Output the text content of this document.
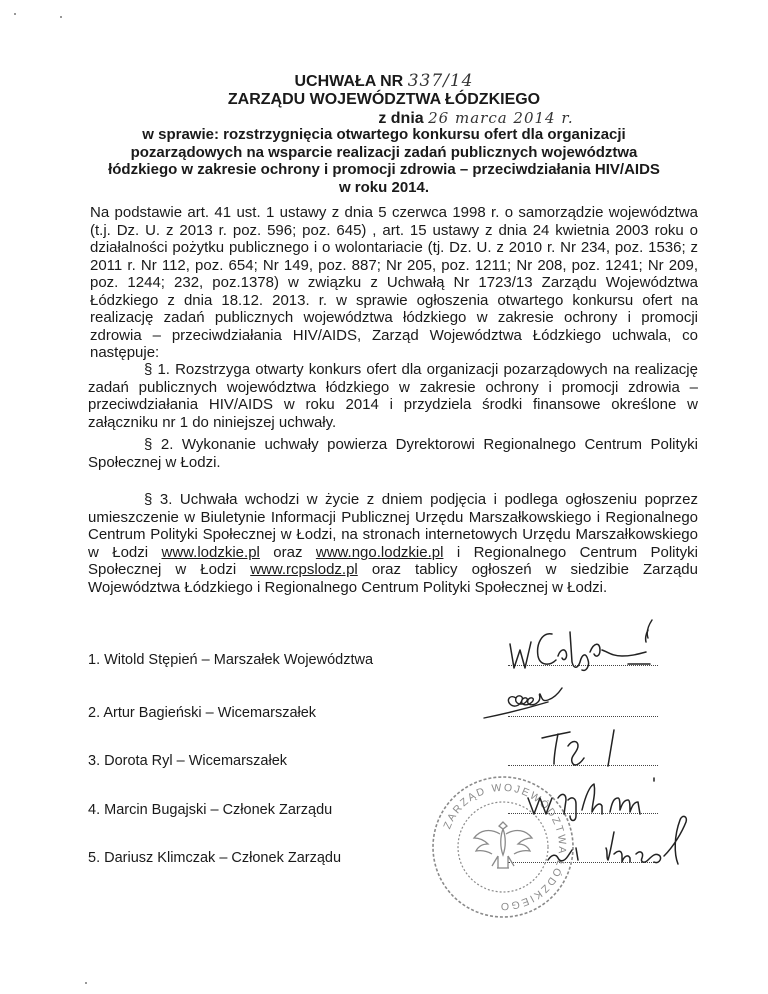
UCHWAŁA NR 337/14
ZARZĄDU WOJEWÓDZTWA ŁÓDZKIEGO
z dnia 26 marca 2014 r.
w sprawie: rozstrzygnięcia otwartego konkursu ofert dla organizacji
pozarządowych na wsparcie realizacji zadań publicznych województwa
łódzkiego w zakresie ochrony i promocji zdrowia – przeciwdziałania HIV/AIDS
w roku 2014.
Na podstawie art. 41 ust. 1 ustawy z dnia 5 czerwca 1998 r. o samorządzie województwa (t.j. Dz. U. z 2013 r. poz. 596; poz. 645) , art. 15 ustawy z dnia 24 kwietnia 2003 roku o działalności pożytku publicznego i o wolontariacie (tj. Dz. U. z 2010 r. Nr 234, poz. 1536; z 2011 r. Nr 112, poz. 654; Nr 149, poz. 887; Nr 205, poz. 1211; Nr 208, poz. 1241; Nr 209, poz. 1244; 232, poz.1378) w związku z Uchwałą Nr 1723/13 Zarządu Województwa Łódzkiego z dnia 18.12. 2013. r. w sprawie ogłoszenia otwartego konkursu ofert na realizację zadań publicznych województwa łódzkiego w zakresie ochrony i promocji zdrowia – przeciwdziałania HIV/AIDS, Zarząd Województwa Łódzkiego uchwala, co następuje:
§ 1. Rozstrzyga otwarty konkurs ofert dla organizacji pozarządowych na realizację zadań publicznych województwa łódzkiego w zakresie ochrony i promocji zdrowia – przeciwdziałania HIV/AIDS w roku 2014 i przydziela środki finansowe określone w załączniku nr 1 do niniejszej uchwały.
§ 2. Wykonanie uchwały powierza Dyrektorowi Regionalnego Centrum Polityki Społecznej w Łodzi.
§ 3. Uchwała wchodzi w życie z dniem podjęcia i podlega ogłoszeniu poprzez umieszczenie w Biuletynie Informacji Publicznej Urzędu Marszałkowskiego i Regionalnego Centrum Polityki Społecznej w Łodzi, na stronach internetowych Urzędu Marszałkowskiego w Łodzi www.lodzkie.pl oraz www.ngo.lodzkie.pl i Regionalnego Centrum Polityki Społecznej w Łodzi www.rcpslodz.pl oraz tablicy ogłoszeń w siedzibie Zarządu Województwa Łódzkiego i Regionalnego Centrum Polityki Społecznej w Łodzi.
1. Witold Stępień – Marszałek Województwa
2. Artur Bagieński – Wicemarszałek
3. Dorota Ryl – Wicemarszałek
4. Marcin Bugajski – Członek Zarządu
5. Dariusz Klimczak – Członek Zarządu
ZARZĄD WOJEWÓDZTWA ŁÓDZKIEGO
